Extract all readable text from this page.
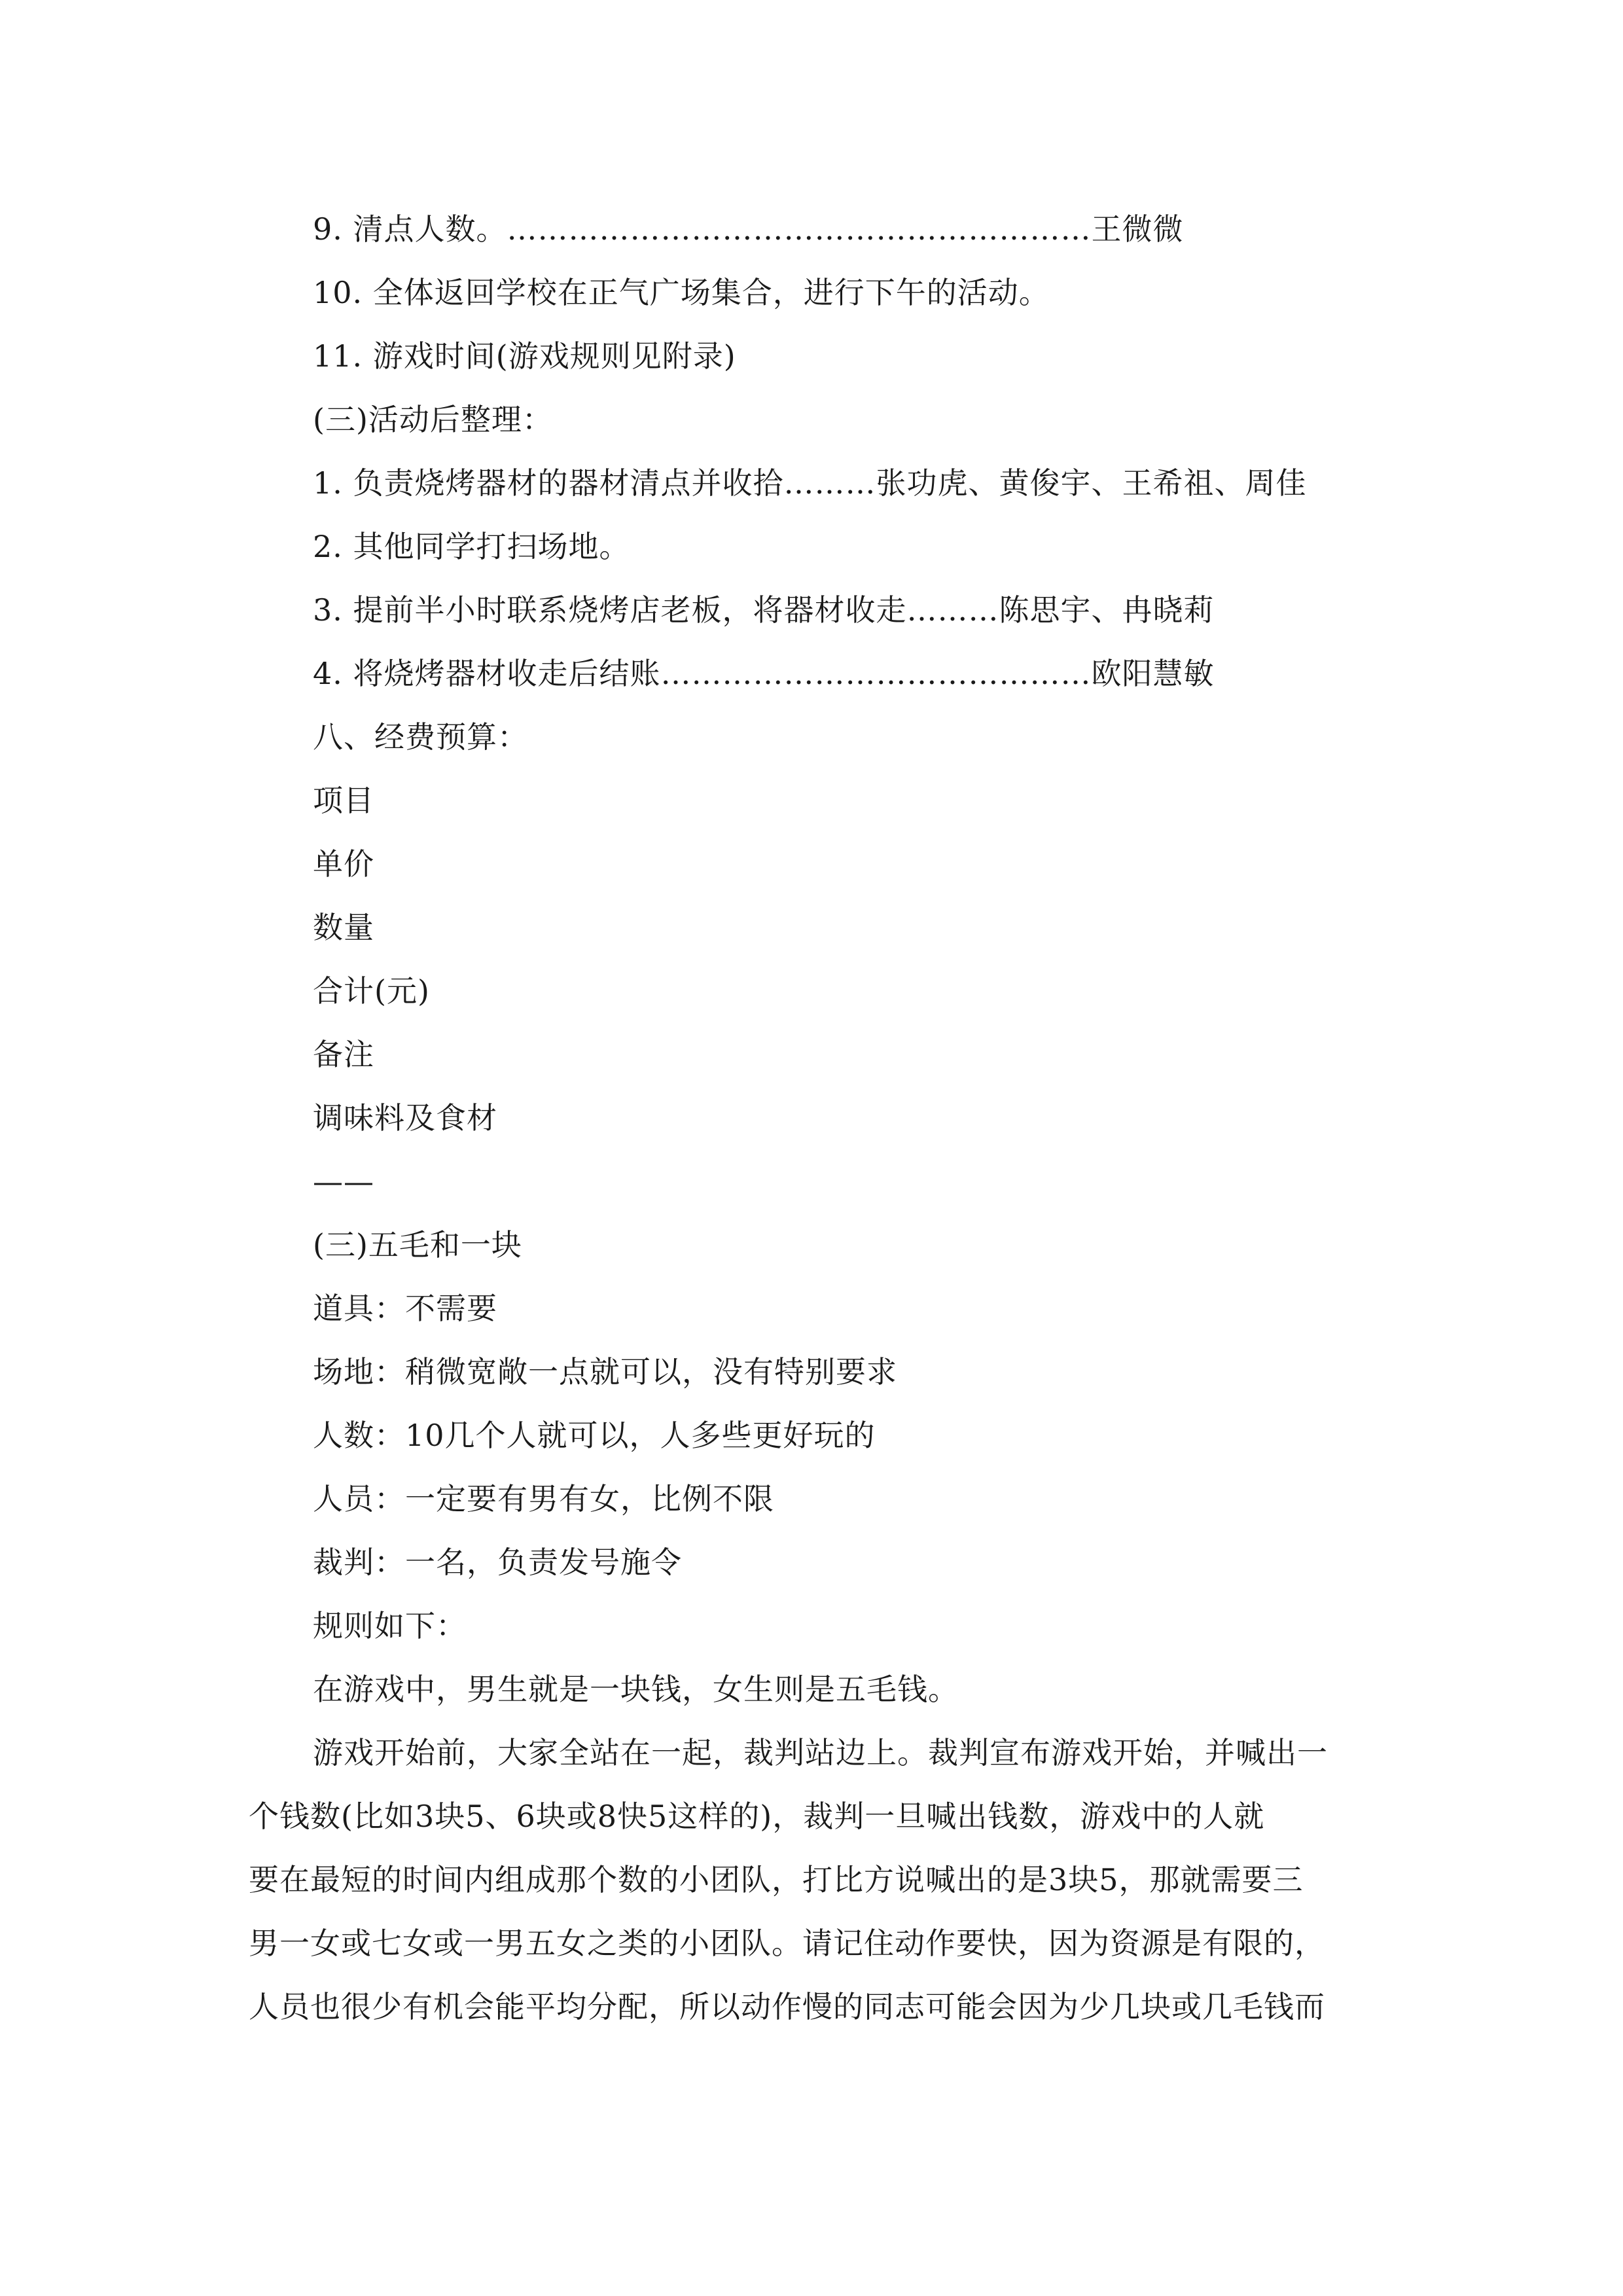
9. 清点人数。…………………………………………………王微微
10. 全体返回学校在正气广场集合，进行下午的活动。
11. 游戏时间(游戏规则见附录)
(三)活动后整理：
1. 负责烧烤器材的器材清点并收拾………张功虎、黄俊宇、王希祖、周佳
2. 其他同学打扫场地。
3. 提前半小时联系烧烤店老板，将器材收走………陈思宇、冉晓莉
4. 将烧烤器材收走后结账……………………………………欧阳慧敏
八、经费预算：
项目
单价
数量
合计(元)
备注
调味料及食材
——
(三)五毛和一块
道具：不需要
场地：稍微宽敞一点就可以，没有特别要求
人数：10几个人就可以，人多些更好玩的
人员：一定要有男有女，比例不限
裁判：一名，负责发号施令
规则如下：
在游戏中，男生就是一块钱，女生则是五毛钱。
游戏开始前，大家全站在一起，裁判站边上。裁判宣布游戏开始，并喊出一
个钱数(比如3块5、6块或8快5这样的)，裁判一旦喊出钱数，游戏中的人就
要在最短的时间内组成那个数的小团队，打比方说喊出的是3块5，那就需要三
男一女或七女或一男五女之类的小团队。请记住动作要快，因为资源是有限的，
人员也很少有机会能平均分配，所以动作慢的同志可能会因为少几块或几毛钱而
